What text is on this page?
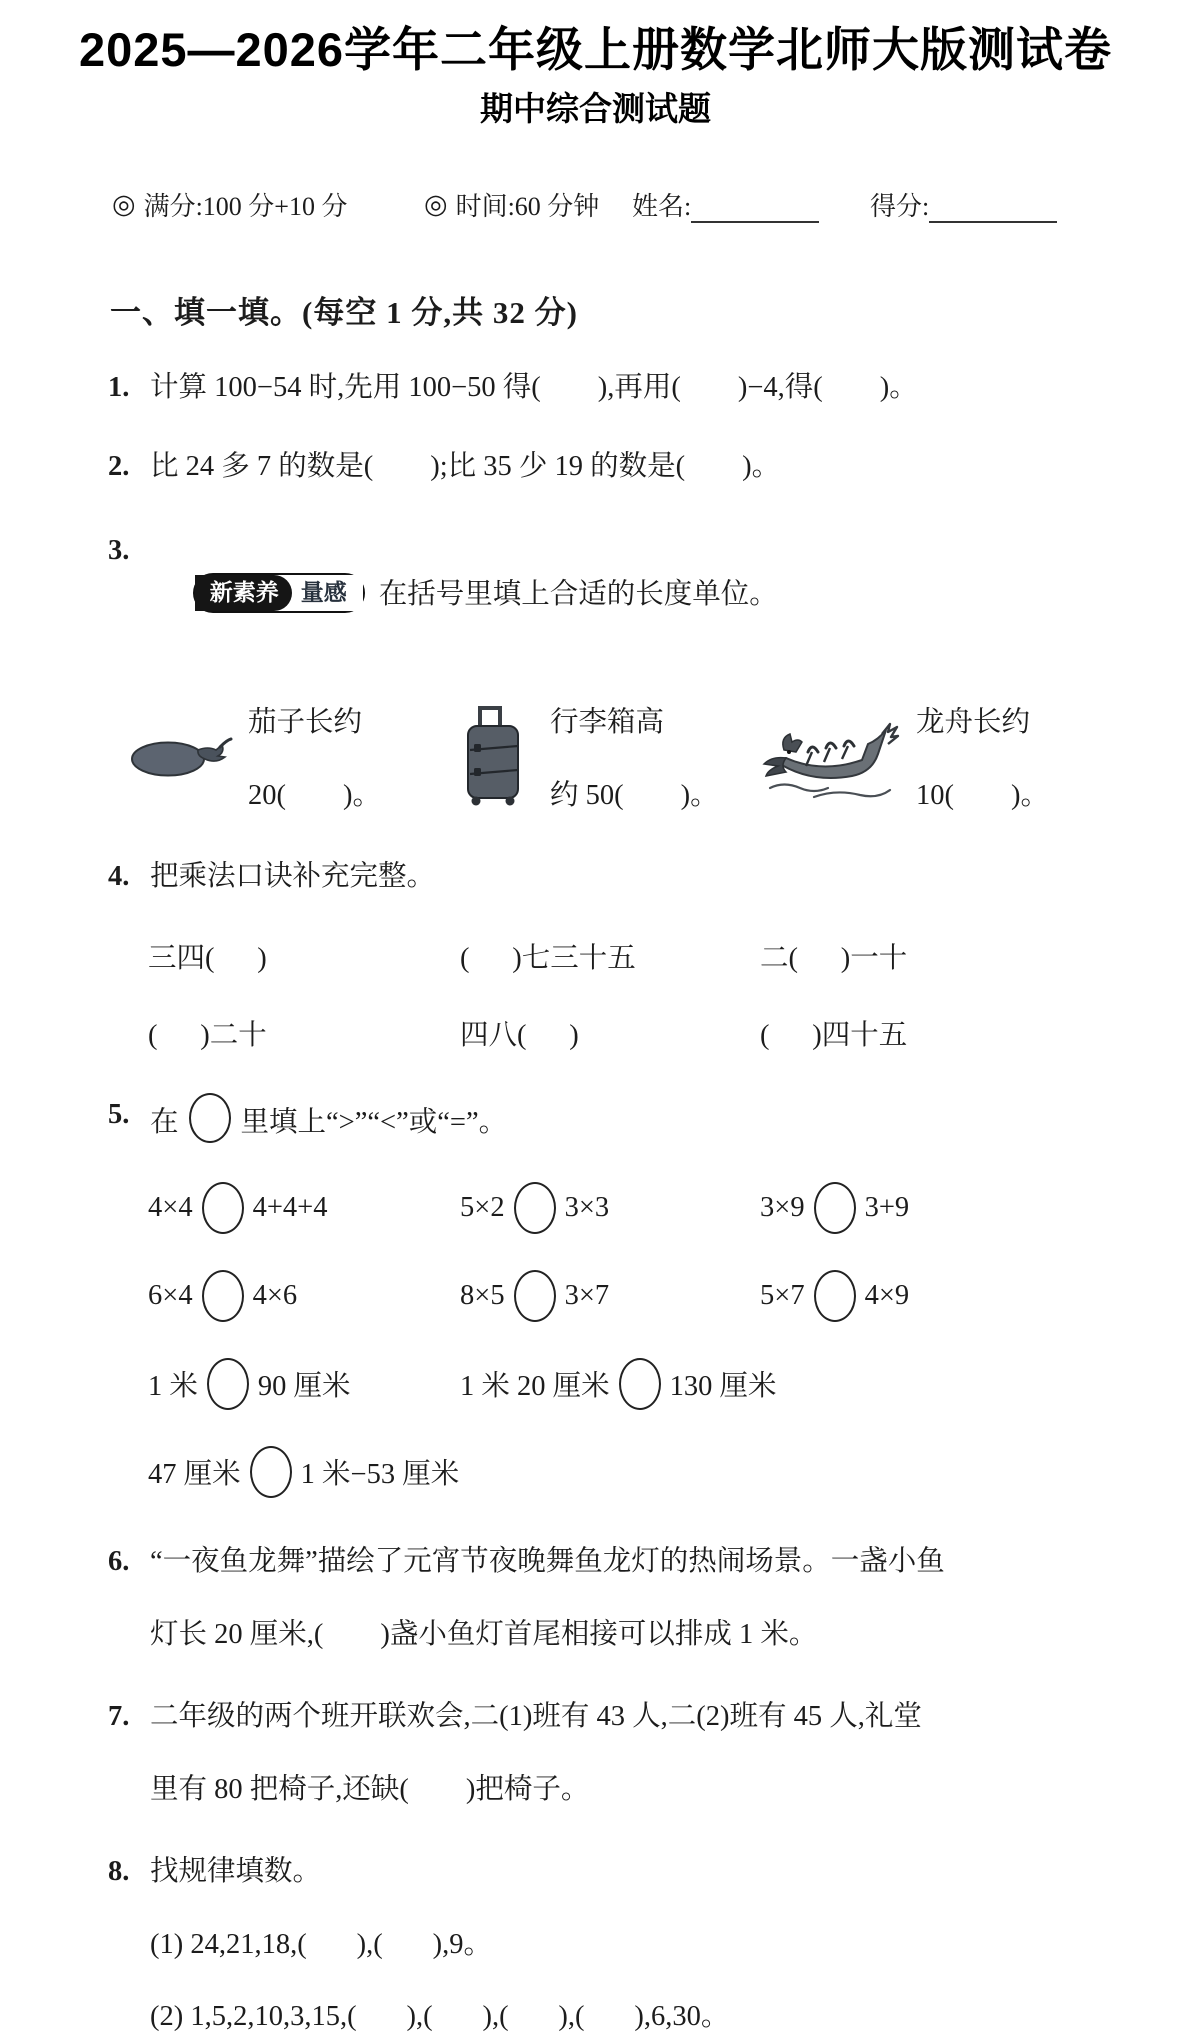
2025—2026学年二年级上册数学北师大版测试卷
期中综合测试题
◎ 满分:100 分+10 分	◎ 时间:60 分钟 姓名:	得分:
一、填一填。(每空 1 分,共 32 分)
1. 计算 100−54 时,先用 100−50 得(        ),再用(        )−4,得(        )。
2. 比 24 多 7 的数是(        );比 35 少 19 的数是(        )。
3.

新素养 量感	在括号里填上合适的长度单位。

茄子长约
20(        )。
行李箱高
约 50(        )。
龙舟长约
10(        )。
4. 把乘法口诀补充完整。
三四(      )	(      )七三十五	二(      )一十
(      )二十	四八(      )	(      )四十五
5. 在 里填上“>”“<”或“=”。
4×4 4+4+4	5×2 3×3	3×9 3+9
6×4 4×6	8×5 3×7	5×7 4×9
1 米 90 厘米	1 米 20 厘米 130 厘米
47 厘米 1 米−53 厘米
6. “一夜鱼龙舞”描绘了元宵节夜晚舞鱼龙灯的热闹场景。一盏小鱼
灯长 20 厘米,(        )盏小鱼灯首尾相接可以排成 1 米。
7. 二年级的两个班开联欢会,二(1)班有 43 人,二(2)班有 45 人,礼堂
里有 80 把椅子,还缺(        )把椅子。
8. 找规律填数。
(1) 24,21,18,(       ),(       ),9。
(2) 1,5,2,10,3,15,(       ),(       ),(       ),(       ),6,30。
